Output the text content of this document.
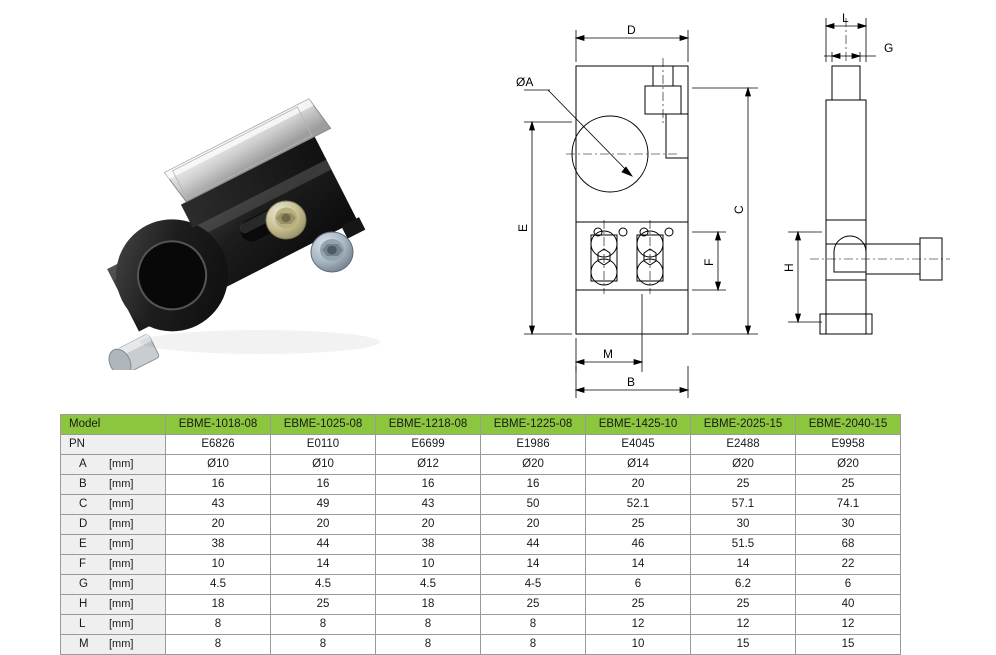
D
ØA
E
C
F
M
B
L
G
H
Model	EBME-1018-08	EBME-1025-08	EBME-1218-08	EBME-1225-08	EBME-1425-10	EBME-2025-15	EBME-2040-15
PN	E6826	E0110	E6699	E1986	E4045	E2488	E9958

A [mm]	Ø10	Ø10	Ø12	Ø20	Ø14	Ø20	Ø20

B [mm]	16	16	16	16	20	25	25

C [mm]	43	49	43	50	52.1	57.1	74.1

D [mm]	20	20	20	20	25	30	30

E [mm]	38	44	38	44	46	51.5	68

F [mm]	10	14	10	14	14	14	22

G [mm]	4.5	4.5	4.5	4-5	6	6.2	6

H [mm]	18	25	18	25	25	25	40

L [mm]	8	8	8	8	12	12	12

M [mm]	8	8	8	8	10	15	15
